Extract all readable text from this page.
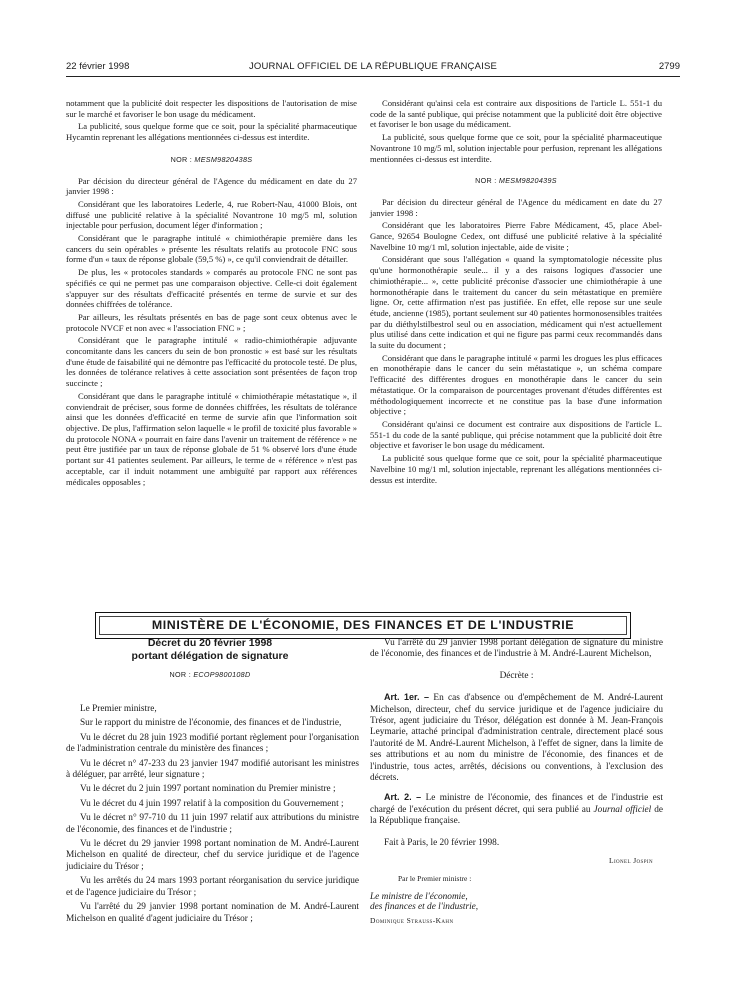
22 février 1998	JOURNAL OFFICIEL DE LA RÉPUBLIQUE FRANÇAISE	2799

notamment que la publicité doit respecter les dispositions de l'autorisation de mise sur le marché et favoriser le bon usage du médicament.

La publicité, sous quelque forme que ce soit, pour la spécialité pharmaceutique Hycamtin reprenant les allégations mentionnées ci-dessus est interdite.

NOR : MESM9820438S

Par décision du directeur général de l'Agence du médicament en date du 27 janvier 1998 :

Considérant que les laboratoires Lederle, 4, rue Robert-Nau, 41000 Blois, ont diffusé une publicité relative à la spécialité Novantrone 10 mg/5 ml, solution injectable pour perfusion, document léger d'information ;

Considérant que le paragraphe intitulé « chimiothérapie première dans les cancers du sein opérables » présente les résultats relatifs au protocole FNC sous forme d'un « taux de réponse globale (59,5 %) », ce qu'il conviendrait de détailler.

De plus, les « protocoles standards » comparés au protocole FNC ne sont pas spécifiés ce qui ne permet pas une comparaison objective. Celle-ci doit également s'appuyer sur des résultats d'efficacité présentés en terme de survie et sur des données chiffrées de tolérance.

Par ailleurs, les résultats présentés en bas de page sont ceux obtenus avec le protocole NVCF et non avec « l'association FNC » ;

Considérant que le paragraphe intitulé « radio-chimiothérapie adjuvante concomitante dans les cancers du sein de bon pronostic » est basé sur les résultats d'une étude de faisabilité qui ne démontre pas l'efficacité du protocole testé. De plus, les données de tolérance relatives à cette association sont présentées de façon trop succincte ;

Considérant que dans le paragraphe intitulé « chimiothérapie métastatique », il conviendrait de préciser, sous forme de données chiffrées, les résultats de tolérance ainsi que les données d'efficacité en terme de survie afin que l'information soit objective. De plus, l'affirmation selon laquelle « le profil de toxicité plus favorable » du protocole NONA « pourrait en faire dans l'avenir un traitement de référence » ne peut être justifiée par un taux de réponse globale de 51 % observé lors d'une étude portant sur 41 patientes seulement. Par ailleurs, le terme de « référence » n'est pas acceptable, car il induit notamment une ambiguïté par rapport aux références médicales opposables ;

Considérant qu'ainsi cela est contraire aux dispositions de l'article L. 551-1 du code de la santé publique, qui précise notamment que la publicité doit être objective et favoriser le bon usage du médicament.

La publicité, sous quelque forme que ce soit, pour la spécialité pharmaceutique Novantrone 10 mg/5 ml, solution injectable pour perfusion, reprenant les allégations mentionnées ci-dessus est interdite.

NOR : MESM9820439S

Par décision du directeur général de l'Agence du médicament en date du 27 janvier 1998 :

Considérant que les laboratoires Pierre Fabre Médicament, 45, place Abel-Gance, 92654 Boulogne Cedex, ont diffusé une publicité relative à la spécialité Navelbine 10 mg/1 ml, solution injectable, aide de visite ;

Considérant que sous l'allégation « quand la symptomatologie nécessite plus qu'une hormonothérapie seule... il y a des raisons logiques d'associer une chimiothérapie... », cette publicité préconise d'associer une chimiothérapie à une hormonothérapie dans le traitement du cancer du sein métastatique en première ligne. Or, cette affirmation n'est pas justifiée. En effet, elle repose sur une seule étude, ancienne (1985), portant seulement sur 40 patientes hormonosensibles traitées par du diéthylstilbestrol seul ou en association, médicament qui n'est actuellement plus utilisé dans cette indication et qui ne figure pas parmi ceux recommandés dans la suite du document ;

Considérant que dans le paragraphe intitulé « parmi les drogues les plus efficaces en monothérapie dans le cancer du sein métastatique », un schéma compare l'efficacité des différentes drogues en monothérapie dans le cancer du sein métastatique. Or la comparaison de pourcentages provenant d'études différentes est méthodologiquement incorrecte et ne constitue pas la base d'une information objective ;

Considérant qu'ainsi ce document est contraire aux dispositions de l'article L. 551-1 du code de la santé publique, qui précise notamment que la publicité doit être objective et favoriser le bon usage du médicament.

La publicité sous quelque forme que ce soit, pour la spécialité pharmaceutique Navelbine 10 mg/1 ml, solution injectable, reprenant les allégations mentionnées ci-dessus est interdite.

MINISTÈRE DE L'ÉCONOMIE, DES FINANCES ET DE L'INDUSTRIE
Décret du 20 février 1998
portant délégation de signature
NOR : ECOP9800108D

Le Premier ministre,

Sur le rapport du ministre de l'économie, des finances et de l'industrie,

Vu le décret du 28 juin 1923 modifié portant règlement pour l'organisation de l'administration centrale du ministère des finances ;

Vu le décret n° 47-233 du 23 janvier 1947 modifié autorisant les ministres à déléguer, par arrêté, leur signature ;

Vu le décret du 2 juin 1997 portant nomination du Premier ministre ;

Vu le décret du 4 juin 1997 relatif à la composition du Gouvernement ;

Vu le décret n° 97-710 du 11 juin 1997 relatif aux attributions du ministre de l'économie, des finances et de l'industrie ;

Vu le décret du 29 janvier 1998 portant nomination de M. André-Laurent Michelson en qualité de directeur, chef du service juridique et de l'agence judiciaire du Trésor ;

Vu les arrêtés du 24 mars 1993 portant réorganisation du service juridique et de l'agence judiciaire du Trésor ;

Vu l'arrêté du 29 janvier 1998 portant nomination de M. André-Laurent Michelson en qualité d'agent judiciaire du Trésor ;

Vu l'arrêté du 29 janvier 1998 portant délégation de signature du ministre de l'économie, des finances et de l'industrie à M. André-Laurent Michelson,

Décrète :

Art. 1er. – En cas d'absence ou d'empêchement de M. André-Laurent Michelson, directeur, chef du service juridique et de l'agence judiciaire du Trésor, agent judiciaire du Trésor, délégation est donnée à M. Jean-François Leymarie, attaché principal d'administration centrale, directement placé sous l'autorité de M. André-Laurent Michelson, à l'effet de signer, dans la limite de ses attributions et au nom du ministre de l'économie, des finances et de l'industrie, tous actes, arrêtés, décisions ou conventions, à l'exclusion des décrets.

Art. 2. – Le ministre de l'économie, des finances et de l'industrie est chargé de l'exécution du présent décret, qui sera publié au Journal officiel de la République française.

Fait à Paris, le 20 février 1998.

Lionel Jospin

Par le Premier ministre :

Le ministre de l'économie,

des finances et de l'industrie,

Dominique Strauss-Kahn
